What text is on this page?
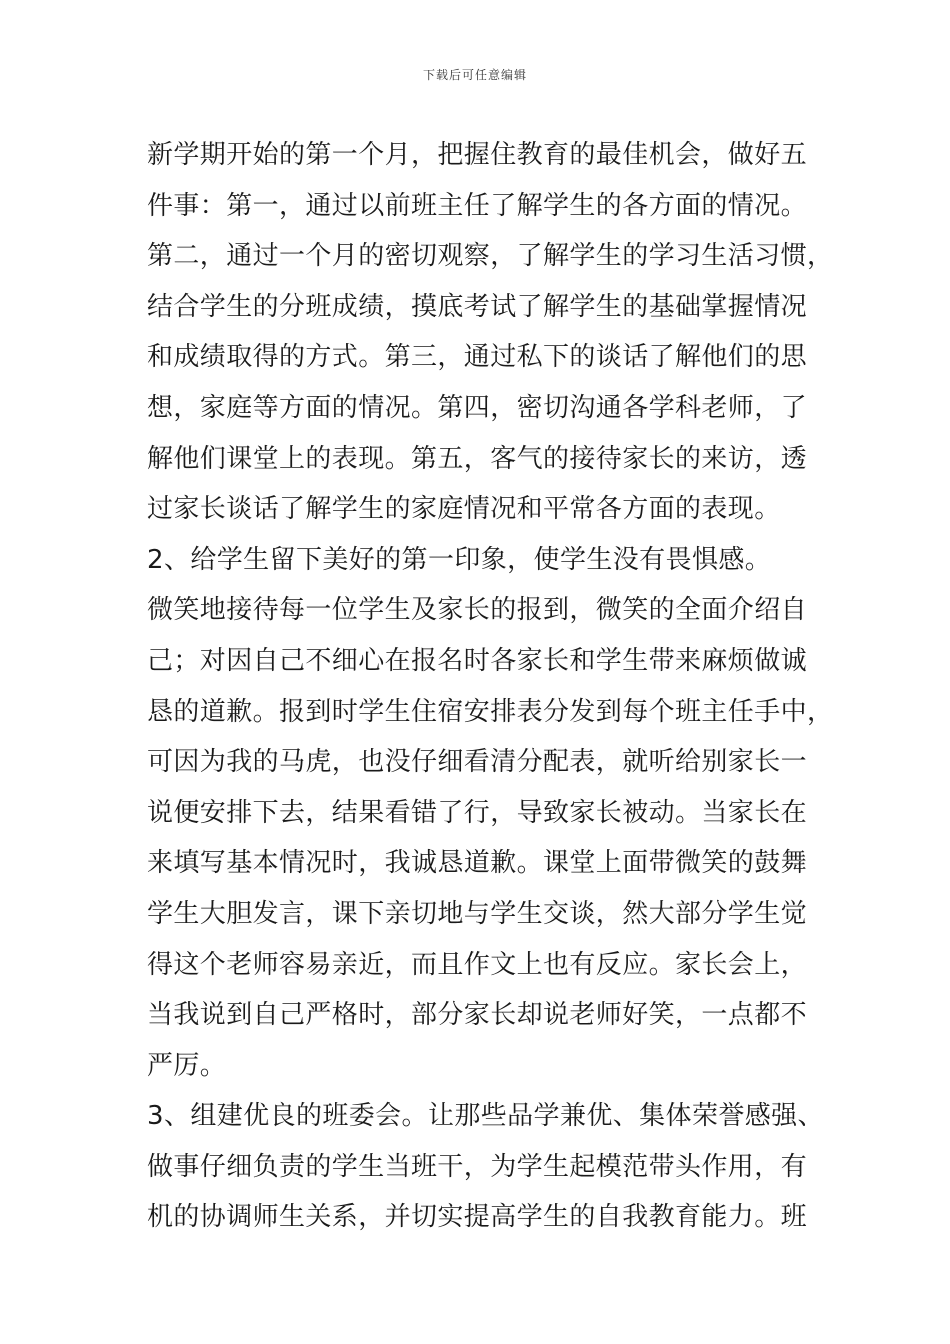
下载后可任意编辑
新学期开始的第一个月，把握住教育的最佳机会，做好五
件事：第一，通过以前班主任了解学生的各方面的情况。
第二，通过一个月的密切观察，了解学生的学习生活习惯，
结合学生的分班成绩，摸底考试了解学生的基础掌握情况
和成绩取得的方式。第三，通过私下的谈话了解他们的思
想，家庭等方面的情况。第四，密切沟通各学科老师，了
解他们课堂上的表现。第五，客气的接待家长的来访，透
过家长谈话了解学生的家庭情况和平常各方面的表现。
2、给学生留下美好的第一印象，使学生没有畏惧感。
微笑地接待每一位学生及家长的报到，微笑的全面介绍自
己；对因自己不细心在报名时各家长和学生带来麻烦做诚
恳的道歉。报到时学生住宿安排表分发到每个班主任手中，
可因为我的马虎，也没仔细看清分配表，就听给别家长一
说便安排下去，结果看错了行，导致家长被动。当家长在
来填写基本情况时，我诚恳道歉。课堂上面带微笑的鼓舞
学生大胆发言，课下亲切地与学生交谈，然大部分学生觉
得这个老师容易亲近，而且作文上也有反应。家长会上，
当我说到自己严格时，部分家长却说老师好笑，一点都不
严厉。
3、组建优良的班委会。让那些品学兼优、集体荣誉感强、
做事仔细负责的学生当班干，为学生起模范带头作用，有
机的协调师生关系，并切实提高学生的自我教育能力。班
